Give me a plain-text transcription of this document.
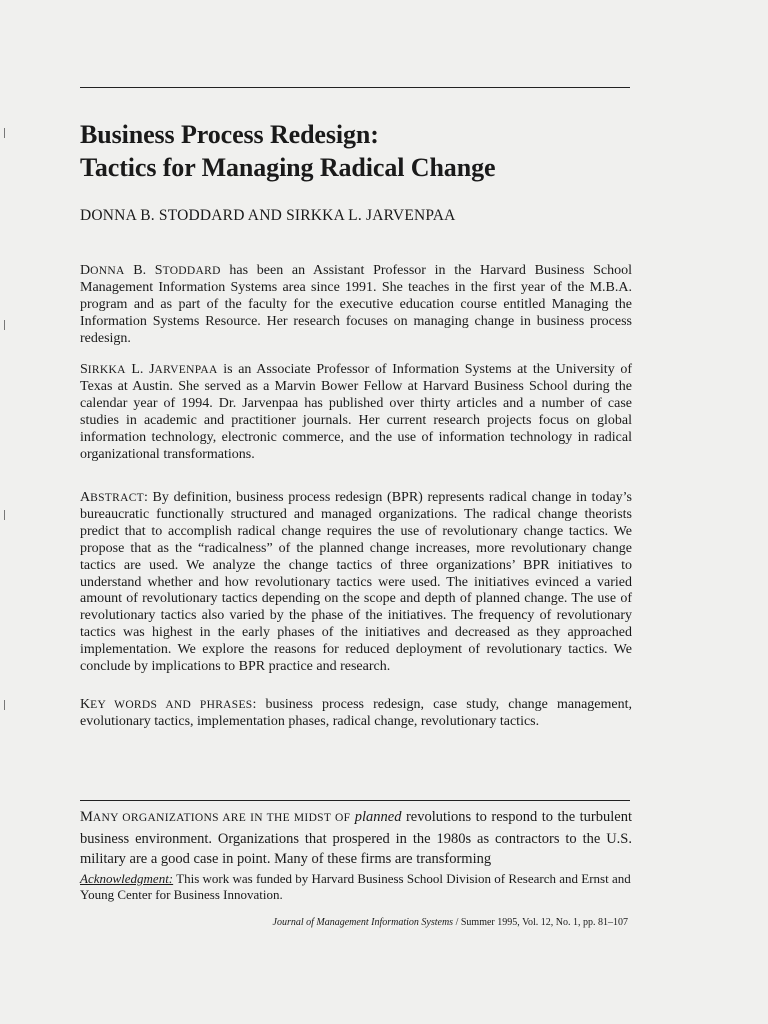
Business Process Redesign:
Tactics for Managing Radical Change
DONNA B. STODDARD AND SIRKKA L. JARVENPAA

DONNA B. STODDARD has been an Assistant Professor in the Harvard Business School Management Information Systems area since 1991. She teaches in the first year of the M.B.A. program and as part of the faculty for the executive education course entitled Managing the Information Systems Resource. Her research focuses on managing change in business process redesign.

SIRKKA L. JARVENPAA is an Associate Professor of Information Systems at the University of Texas at Austin. She served as a Marvin Bower Fellow at Harvard Business School during the calendar year of 1994. Dr. Jarvenpaa has published over thirty articles and a number of case studies in academic and practitioner journals. Her current research projects focus on global information technology, electronic commerce, and the use of information technology in radical organizational transformations.

ABSTRACT: By definition, business process redesign (BPR) represents radical change in today’s bureaucratic functionally structured and managed organizations. The radical change theorists predict that to accomplish radical change requires the use of revolutionary change tactics. We propose that as the “radicalness” of the planned change increases, more revolutionary change tactics are used. We analyze the change tactics of three organizations’ BPR initiatives to understand whether and how revolutionary tactics were used. The initiatives evinced a varied amount of revolutionary tactics depending on the scope and depth of planned change. The use of revolutionary tactics also varied by the phase of the initiatives. The frequency of revolutionary tactics was highest in the early phases of the initiatives and decreased as they approached implementation. We explore the reasons for reduced deployment of revolutionary tactics. We conclude by implications to BPR practice and research.

KEY WORDS AND PHRASES: business process redesign, case study, change management, evolutionary tactics, implementation phases, radical change, revolutionary tactics.

MANY ORGANIZATIONS ARE IN THE MIDST OF planned revolutions to respond to the turbulent business environment. Organizations that prospered in the 1980s as contractors to the U.S. military are a good case in point. Many of these firms are transforming

Acknowledgment: This work was funded by Harvard Business School Division of Research and Ernst and Young Center for Business Innovation.

Journal of Management Information Systems / Summer 1995, Vol. 12, No. 1, pp. 81–107
